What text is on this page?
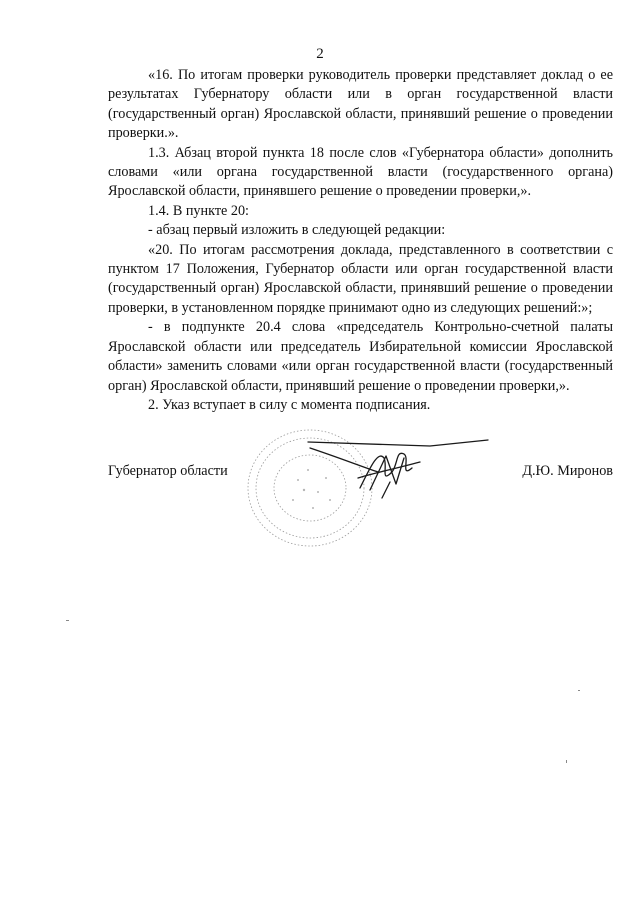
2

«16. По итогам проверки руководитель проверки представляет доклад о ее результатах Губернатору области или в орган государственной власти (государственный орган) Ярославской области, принявший решение о проведении проверки.».

1.3. Абзац второй пункта 18 после слов «Губернатора области» дополнить словами «или органа государственной власти (государственного органа) Ярославской области, принявшего решение о проведении проверки,».

1.4. В пункте 20:

- абзац первый изложить в следующей редакции:

«20. По итогам рассмотрения доклада, представленного в соответствии с пунктом 17 Положения, Губернатор области или орган государственной власти (государственный орган) Ярославской области, принявший решение о проведении проверки, в установленном порядке принимают одно из следующих решений:»;

- в подпункте 20.4 слова «председатель Контрольно-счетной палаты Ярославской области или председатель Избирательной комиссии Ярославской области» заменить словами «или орган государственной власти (государственный орган) Ярославской области, принявший решение о проведении проверки,».

2. Указ вступает в силу с момента подписания.

Губернатор области	Д.Ю. Миронов
